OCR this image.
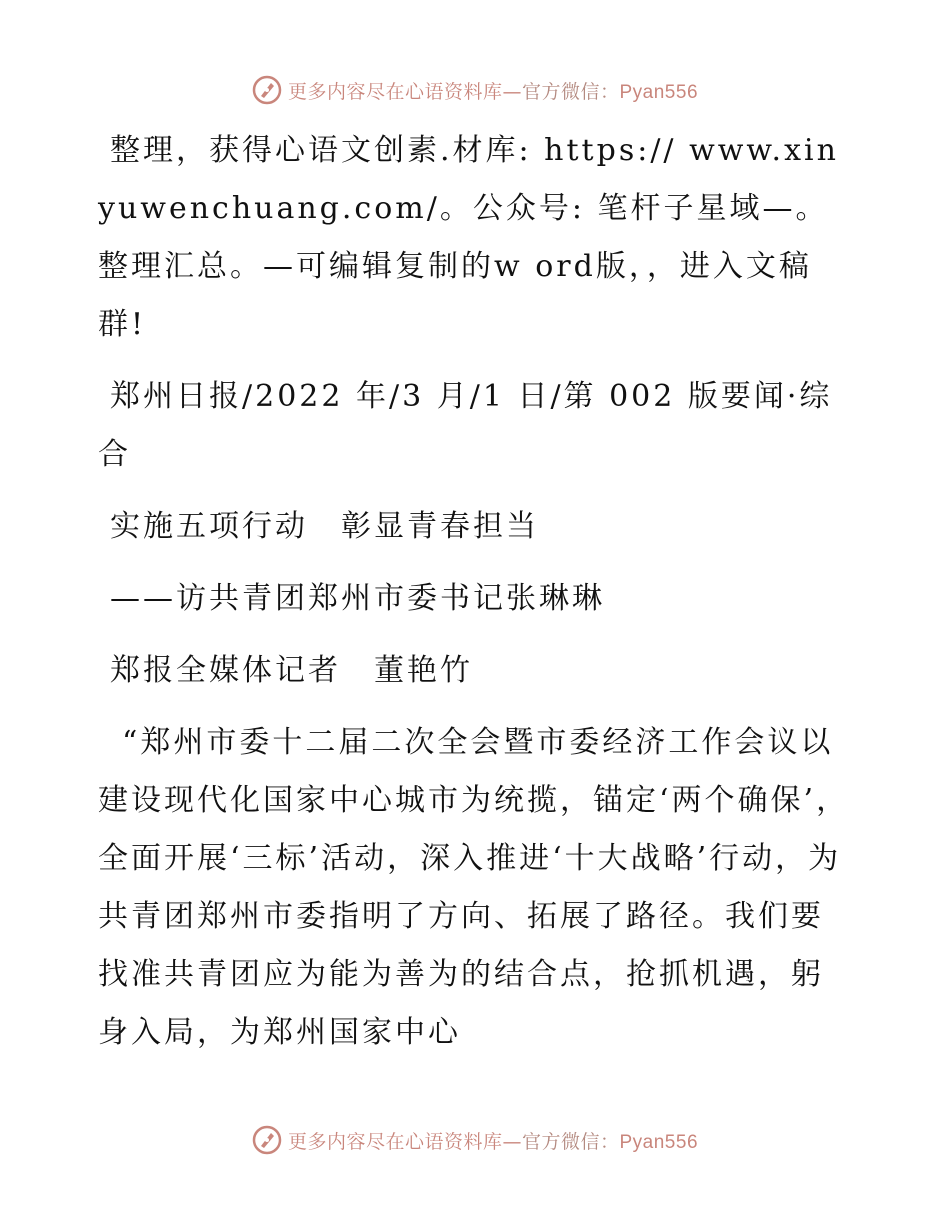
更多内容尽在心语资料库—官方微信：Pyan556

整理，获得心语文创素.材库: https:// www.xinyuwenchuang.com/。公众号: 笔杆子星域—。整理汇总。—可编辑复制的w ord版，，进入文稿群!

郑州日报/2022 年/3 月/1 日/第 002 版要闻·综合

实施五项行动　彰显青春担当

——访共青团郑州市委书记张琳琳

郑报全媒体记者　董艳竹

“郑州市委十二届二次全会暨市委经济工作会议以建设现代化国家中心城市为统揽，锚定‘两个确保’，全面开展‘三标’活动，深入推进‘十大战略’行动，为共青团郑州市委指明了方向、拓展了路径。我们要找准共青团应为能为善为的结合点，抢抓机遇，躬身入局，为郑州国家中心

更多内容尽在心语资料库—官方微信：Pyan556
